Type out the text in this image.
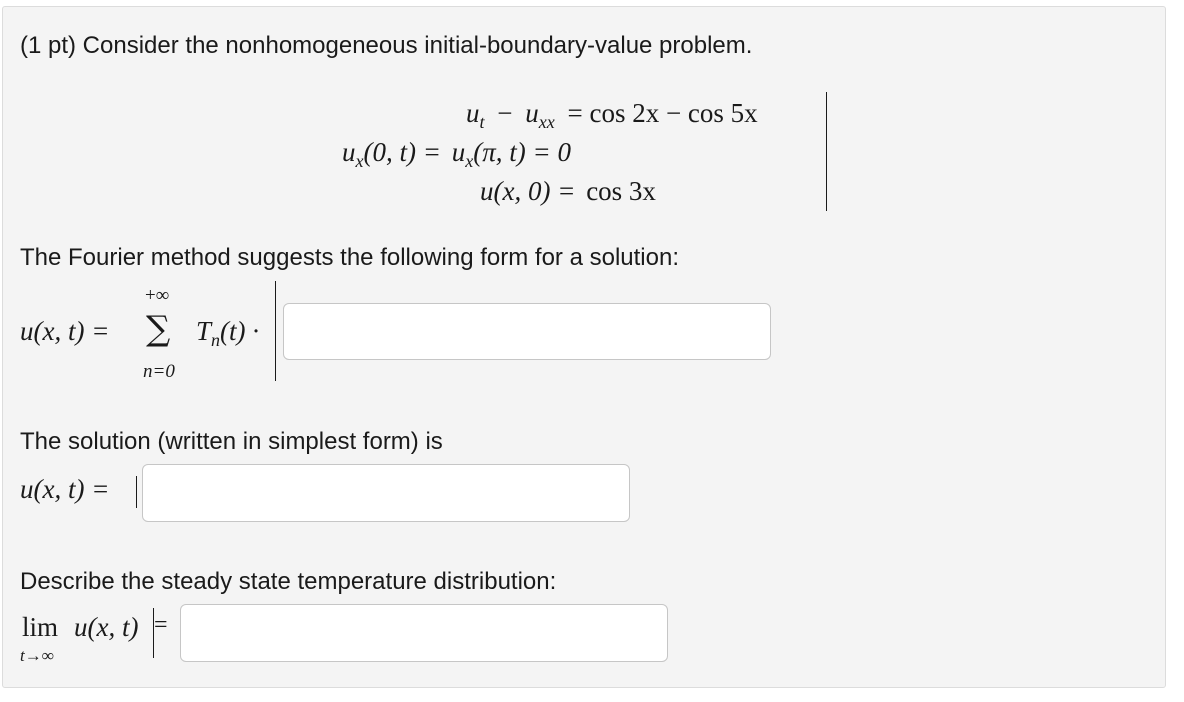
(1 pt) Consider the nonhomogeneous initial-boundary-value problem.
$u_t - u_{xx} = \cos 2x - \cos 5x$
$u_x(0$, $t) = u_x(\pi$, t) = 0
u(x, 0) = cos 3x
The Fourier method suggests the following form for a solution:
u(x, t) =
+∞
∑
n=0
$T_n(t)$ ·
The solution (written in simplest form) is
u(x, t) =
Describe the steady state temperature distribution:
lim
t→∞
u(x, t) =
